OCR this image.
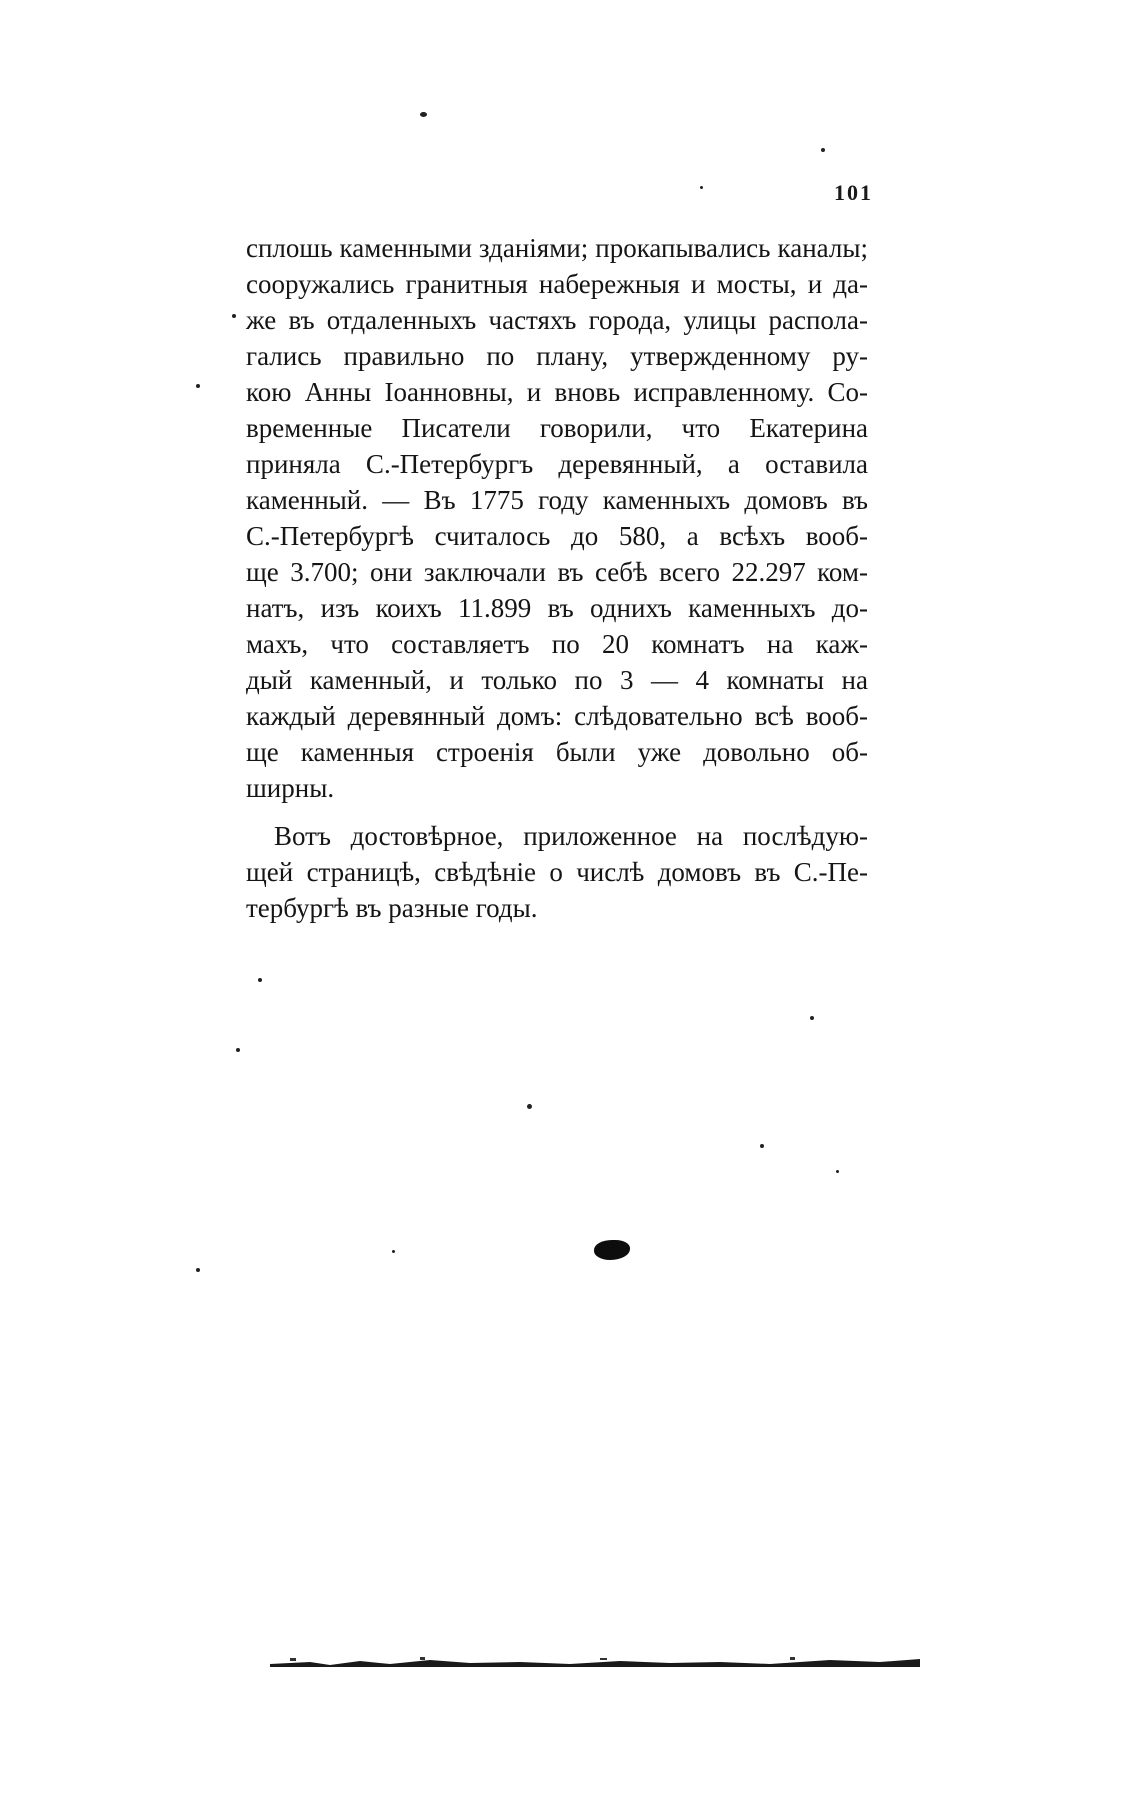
101
сплошь каменными зданіями; прокапывались каналы;
сооружались гранитныя набережныя и мосты, и да-
же въ отдаленныхъ частяхъ города, улицы распола-
гались правильно по плану, утвержденному ру-
кою Анны Іоанновны, и вновь исправленному. Со-
временные Писатели говорили, что Екатерина
приняла С.-Петербургъ деревянный, а оставила
каменный. — Въ 1775 году каменныхъ домовъ въ
С.-Петербургѣ считалось до 580, а всѣхъ вооб-
ще 3.700; они заключали въ себѣ всего 22.297 ком-
натъ, изъ коихъ 11.899 въ однихъ каменныхъ до-
махъ, что составляетъ по 20 комнатъ на каж-
дый каменный, и только по 3 — 4 комнаты на
каждый деревянный домъ: слѣдовательно всѣ вооб-
ще каменныя строенія были уже довольно об-
ширны.
Вотъ достовѣрное, приложенное на послѣдую-
щей страницѣ, свѣдѣніе о числѣ домовъ въ С.-Пе-
тербургѣ въ разные годы.
